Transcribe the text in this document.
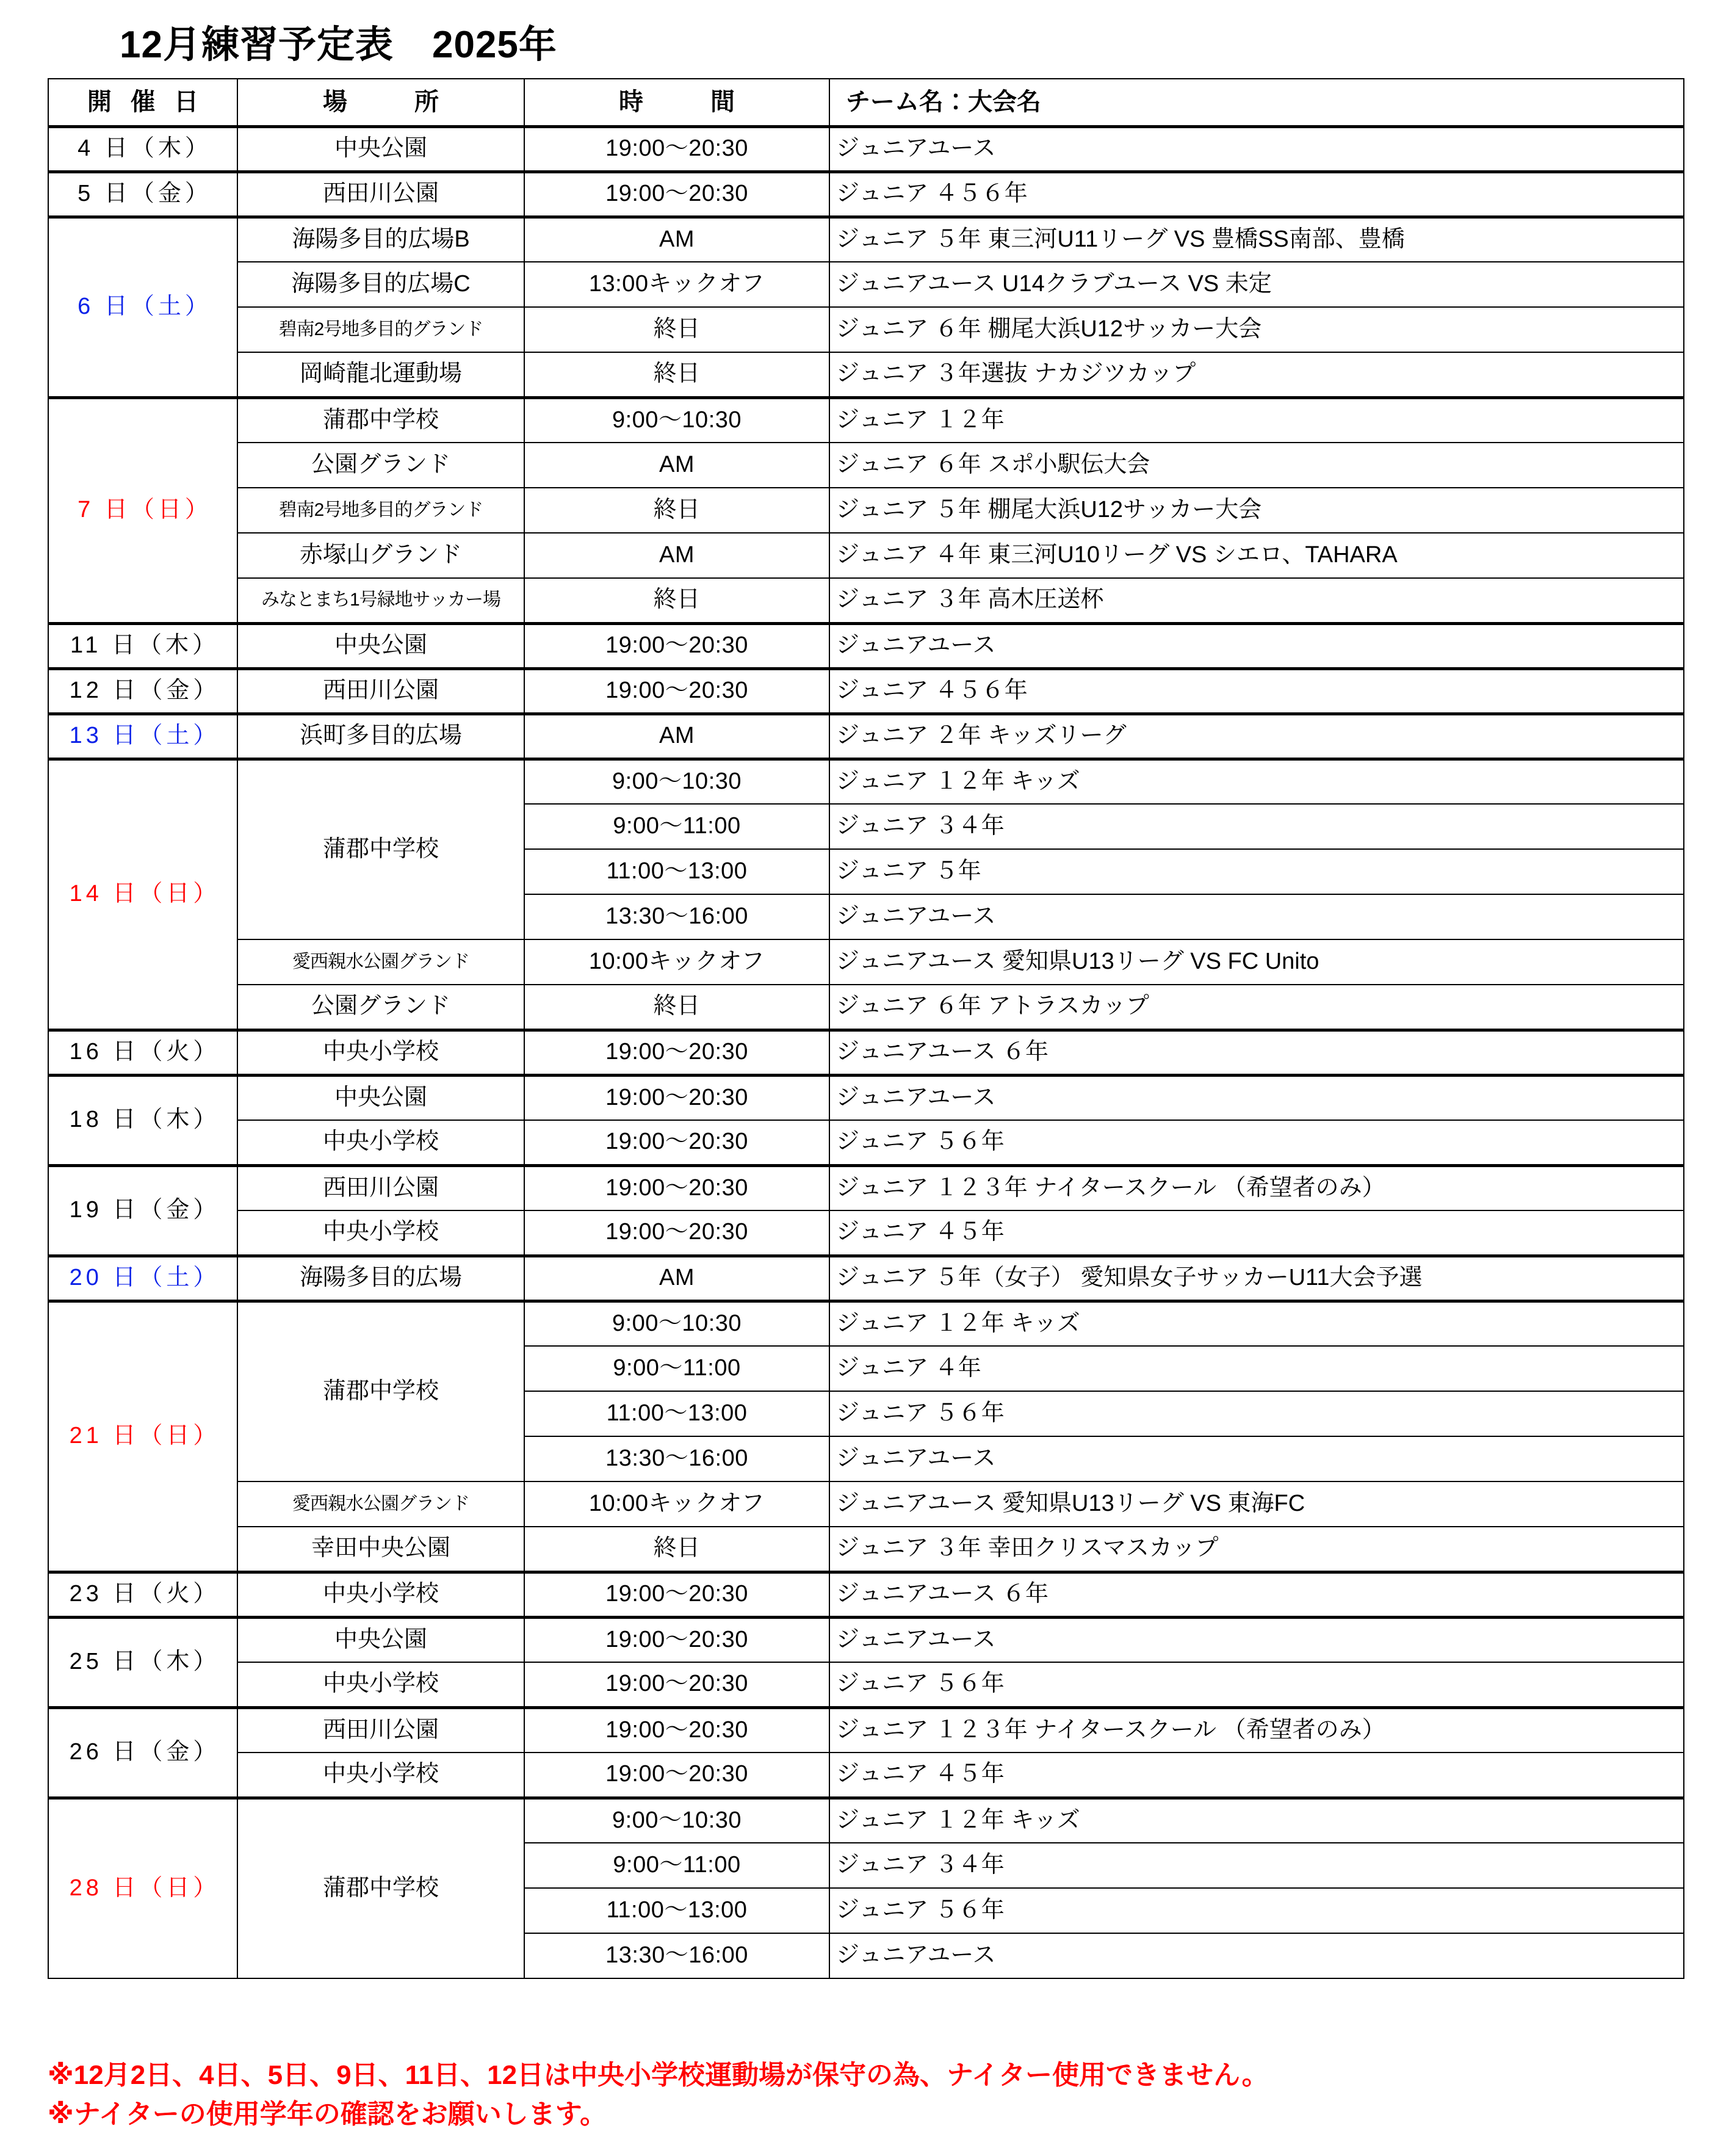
12月練習予定表　2025年
開 催 日	場　　所	時　　間	チーム名：大会名
4 日（木）	中央公園	19:00〜20:30	ジュニアユース
5 日（金）	西田川公園	19:00〜20:30	ジュニア ４５６年
6 日（土）	海陽多目的広場B	AM	ジュニア ５年 東三河U11リーグ VS 豊橋SS南部、豊橋
	海陽多目的広場C	13:00キックオフ	ジュニアユース U14クラブユース VS 未定
	碧南2号地多目的グランド	終日	ジュニア ６年 棚尾大浜U12サッカー大会
	岡崎龍北運動場	終日	ジュニア ３年選抜 ナカジツカップ
7 日（日）	蒲郡中学校	9:00〜10:30	ジュニア １２年
	公園グランド	AM	ジュニア ６年 スポ小駅伝大会
	碧南2号地多目的グランド	終日	ジュニア ５年 棚尾大浜U12サッカー大会
	赤塚山グランド	AM	ジュニア ４年 東三河U10リーグ VS シエロ、TAHARA
	みなとまち1号緑地サッカー場	終日	ジュニア ３年 高木圧送杯
11 日（木）	中央公園	19:00〜20:30	ジュニアユース
12 日（金）	西田川公園	19:00〜20:30	ジュニア ４５６年
13 日（土）	浜町多目的広場	AM	ジュニア ２年 キッズリーグ
14 日（日）	蒲郡中学校	9:00〜10:30	ジュニア １２年 キッズ
		9:00〜11:00	ジュニア ３４年
		11:00〜13:00	ジュニア ５年
		13:30〜16:00	ジュニアユース
	愛西親水公園グランド	10:00キックオフ	ジュニアユース 愛知県U13リーグ VS FC Unito
	公園グランド	終日	ジュニア ６年 アトラスカップ
16 日（火）	中央小学校	19:00〜20:30	ジュニアユース ６年
18 日（木）	中央公園	19:00〜20:30	ジュニアユース
	中央小学校	19:00〜20:30	ジュニア ５６年
19 日（金）	西田川公園	19:00〜20:30	ジュニア １２３年 ナイタースクール （希望者のみ）
	中央小学校	19:00〜20:30	ジュニア ４５年
20 日（土）	海陽多目的広場	AM	ジュニア ５年（女子） 愛知県女子サッカーU11大会予選
21 日（日）	蒲郡中学校	9:00〜10:30	ジュニア １２年 キッズ
		9:00〜11:00	ジュニア ４年
		11:00〜13:00	ジュニア ５６年
		13:30〜16:00	ジュニアユース
	愛西親水公園グランド	10:00キックオフ	ジュニアユース 愛知県U13リーグ VS 東海FC
	幸田中央公園	終日	ジュニア ３年 幸田クリスマスカップ
23 日（火）	中央小学校	19:00〜20:30	ジュニアユース ６年
25 日（木）	中央公園	19:00〜20:30	ジュニアユース
	中央小学校	19:00〜20:30	ジュニア ５６年
26 日（金）	西田川公園	19:00〜20:30	ジュニア １２３年 ナイタースクール （希望者のみ）
	中央小学校	19:00〜20:30	ジュニア ４５年
28 日（日）	蒲郡中学校	9:00〜10:30	ジュニア １２年 キッズ
		9:00〜11:00	ジュニア ３４年
		11:00〜13:00	ジュニア ５６年
		13:30〜16:00	ジュニアユース
※12月2日、4日、5日、9日、11日、12日は中央小学校運動場が保守の為、ナイター使用できません。
※ナイターの使用学年の確認をお願いします。
